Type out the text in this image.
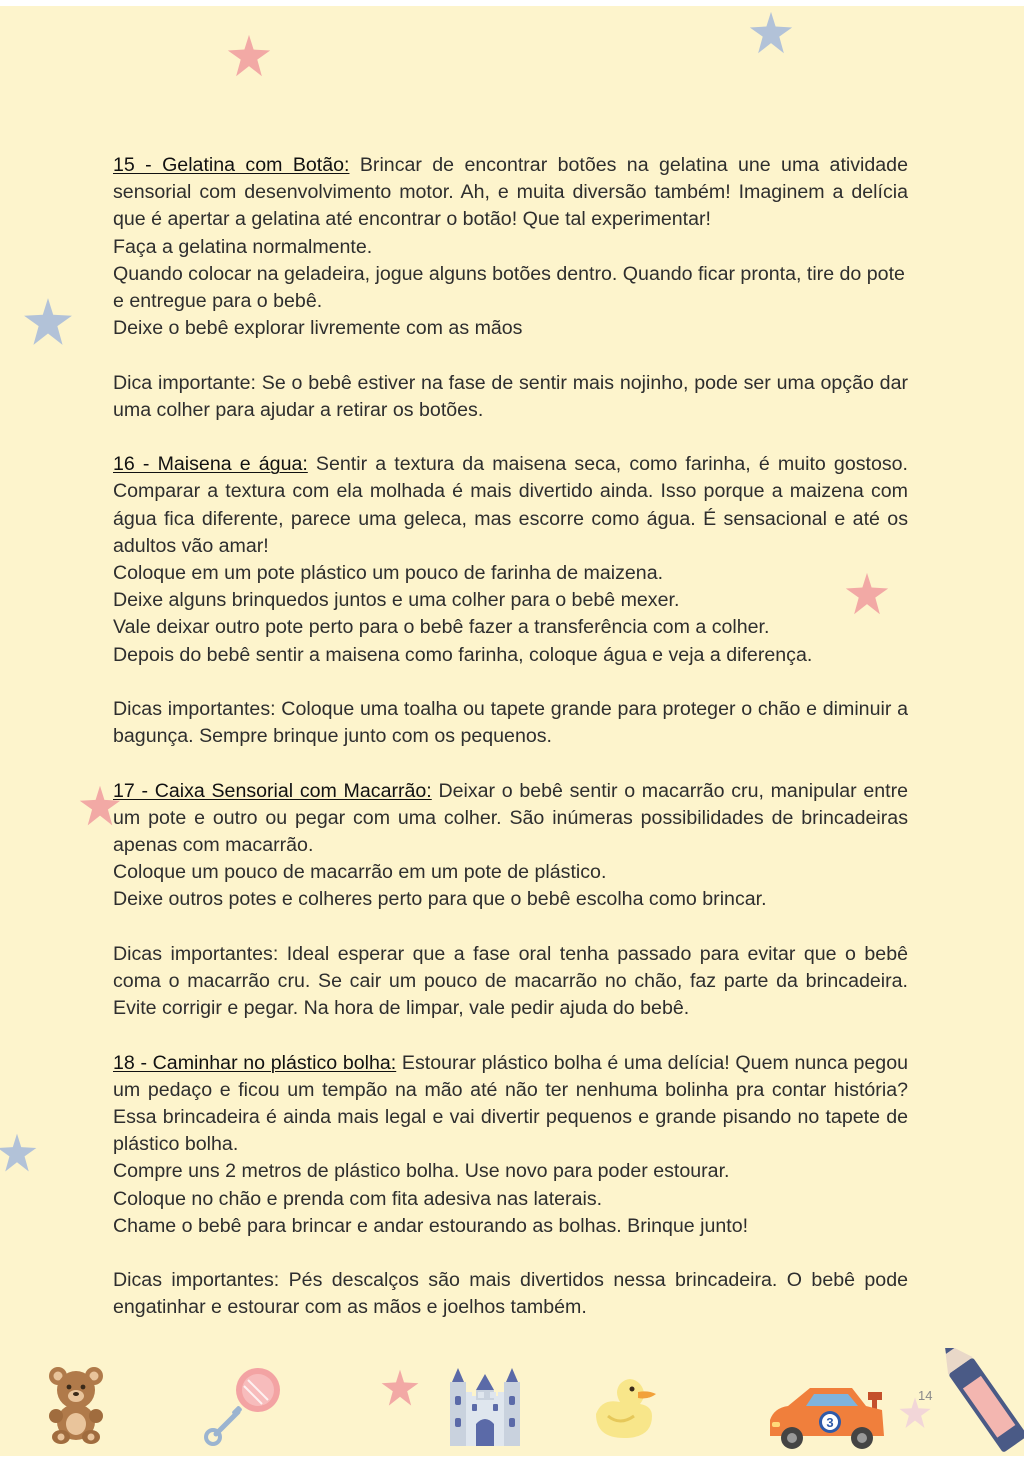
15 - Gelatina com Botão: Brincar de encontrar botões na gelatina une uma atividade sensorial com desenvolvimento motor. Ah, e muita diversão também! Imaginem a delícia que é apertar a gelatina até encontrar o botão! Que tal experimentar!

Faça a gelatina normalmente.

Quando colocar na geladeira, jogue alguns botões dentro. Quando ficar pronta, tire do pote e entregue para o bebê.

Deixe o bebê explorar livremente com as mãos

Dica importante: Se o bebê estiver na fase de sentir mais nojinho, pode ser uma opção dar uma colher para ajudar a retirar os botões.

16 - Maisena e água: Sentir a textura da maisena seca, como farinha, é muito gostoso. Comparar a textura com ela molhada é mais divertido ainda. Isso porque a maizena com água fica diferente, parece uma geleca, mas escorre como água. É sensacional e até os adultos vão amar!

Coloque em um pote plástico um pouco de farinha de maizena.

Deixe alguns brinquedos juntos e uma colher para o bebê mexer.

Vale deixar outro pote perto para o bebê fazer a transferência com a colher.

Depois do bebê sentir a maisena como farinha, coloque água e veja a diferença.

Dicas importantes: Coloque uma toalha ou tapete grande para proteger o chão e diminuir a bagunça. Sempre brinque junto com os pequenos.

17 - Caixa Sensorial com Macarrão: Deixar o bebê sentir o macarrão cru, manipular entre um pote e outro ou pegar com uma colher. São inúmeras possibilidades de brincadeiras apenas com macarrão.

Coloque um pouco de macarrão em um pote de plástico.

Deixe outros potes e colheres perto para que o bebê escolha como brincar.

Dicas importantes: Ideal esperar que a fase oral tenha passado para evitar que o bebê coma o macarrão cru. Se cair um pouco de macarrão no chão, faz parte da brincadeira. Evite corrigir e pegar. Na hora de limpar, vale pedir ajuda do bebê.

18 - Caminhar no plástico bolha: Estourar plástico bolha é uma delícia! Quem nunca pegou um pedaço e ficou um tempão na mão até não ter nenhuma bolinha pra contar história? Essa brincadeira é ainda mais legal e vai divertir pequenos e grande pisando no tapete de plástico bolha.

Compre uns 2 metros de plástico bolha. Use novo para poder estourar.

Coloque no chão e prenda com fita adesiva nas laterais.

Chame o bebê para brincar e andar estourando as bolhas. Brinque junto!

Dicas importantes: Pés descalços são mais divertidos nessa brincadeira. O bebê pode engatinhar e estourar com as mãos e joelhos também.

3
14
